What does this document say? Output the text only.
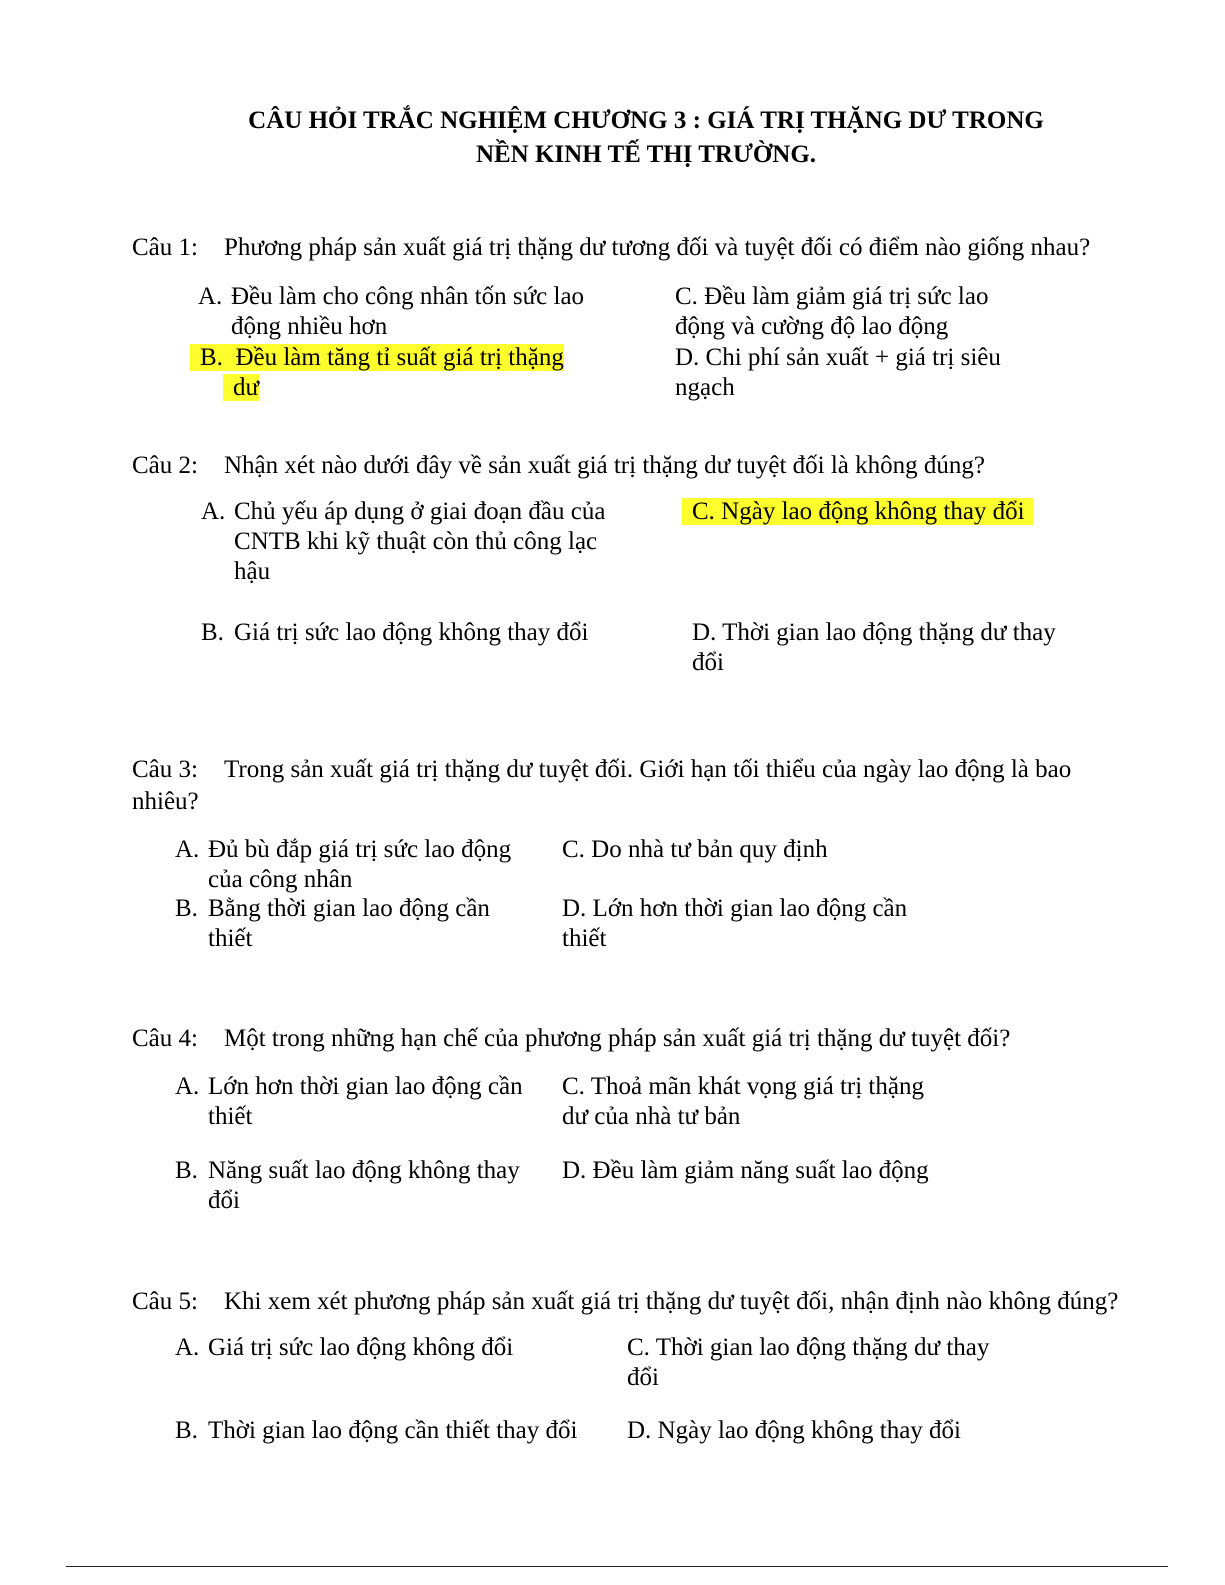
CÂU HỎI TRẮC NGHIỆM CHƯƠNG 3 : GIÁ TRỊ THẶNG DƯ TRONG
NỀN KINH TẾ THỊ TRƯỜNG.
Câu 1: Phương pháp sản xuất giá trị thặng dư tương đối và tuyệt đối có điểm nào giống nhau?
A. Đều làm cho công nhân tốn sức lao
động nhiều hơn
B. Đều làm tăng tỉ suất giá trị thặng
dư
C. Đều làm giảm giá trị sức lao
động và cường độ lao động
D. Chi phí sản xuất + giá trị siêu
ngạch
Câu 2: Nhận xét nào dưới đây về sản xuất giá trị thặng dư tuyệt đối là không đúng?
A. Chủ yếu áp dụng ở giai đoạn đầu của
CNTB khi kỹ thuật còn thủ công lạc
hậu
B. Giá trị sức lao động không thay đổi
C. Ngày lao động không thay đổi
D. Thời gian lao động thặng dư thay
đổi
Câu 3: Trong sản xuất giá trị thặng dư tuyệt đối. Giới hạn tối thiểu của ngày lao động là bao
nhiêu?
A. Đủ bù đắp giá trị sức lao động
của công nhân
B. Bằng thời gian lao động cần
thiết
C. Do nhà tư bản quy định
D. Lớn hơn thời gian lao động cần
thiết
Câu 4: Một trong những hạn chế của phương pháp sản xuất giá trị thặng dư tuyệt đối?
A. Lớn hơn thời gian lao động cần
thiết
B. Năng suất lao động không thay
đổi
C. Thoả mãn khát vọng giá trị thặng
dư của nhà tư bản
D. Đều làm giảm năng suất lao động
Câu 5: Khi xem xét phương pháp sản xuất giá trị thặng dư tuyệt đối, nhận định nào không đúng?
A. Giá trị sức lao động không đổi
B. Thời gian lao động cần thiết thay đổi
C. Thời gian lao động thặng dư thay
đổi
D. Ngày lao động không thay đổi
